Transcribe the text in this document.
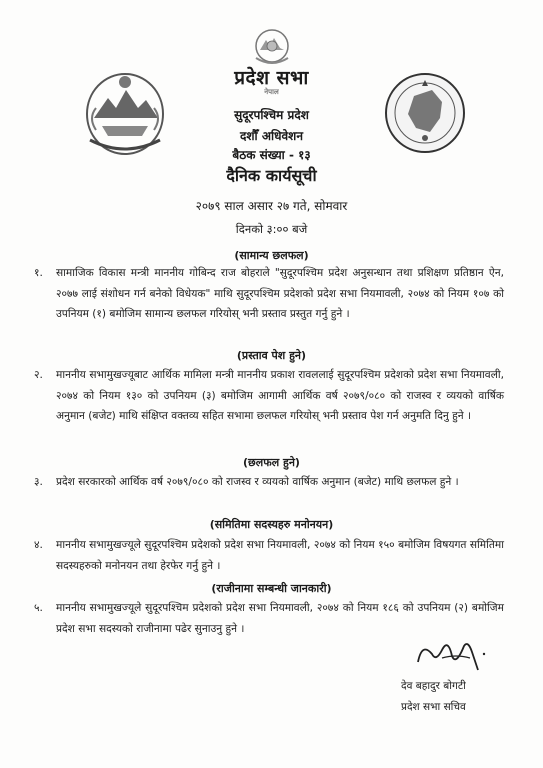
प्रदेश सभा
नेपाल
सुदूरपश्चिम प्रदेश
दशौँ अधिवेशन
बैठक संख्या - १३
दैनिक कार्यसूची
२०७९ साल असार २७ गते, सोमवार
दिनको ३:०० बजे
(सामान्य छलफल)
१. सामाजिक विकास मन्त्री माननीय गोबिन्द राज बोहराले "सुदूरपश्चिम प्रदेश अनुसन्धान तथा प्रशिक्षण प्रतिष्ठान ऐन, २०७७ लाई संशोधन गर्न बनेको विधेयक" माथि सुदूरपश्चिम प्रदेशको प्रदेश सभा नियमावली, २०७४ को नियम १०७ को उपनियम (१) बमोजिम सामान्य छलफल गरियोस् भनी प्रस्ताव प्रस्तुत गर्नु हुने ।
(प्रस्ताव पेश हुने)
२. माननीय सभामुखज्यूबाट आर्थिक मामिला मन्त्री माननीय प्रकाश रावललाई सुदूरपश्चिम प्रदेशको प्रदेश सभा नियमावली, २०७४ को नियम १३० को उपनियम (३) बमोजिम आगामी आर्थिक वर्ष २०७९/०८० को राजस्व र व्ययको वार्षिक अनुमान (बजेट) माथि संक्षिप्त वक्तव्य सहित सभामा छलफल गरियोस् भनी प्रस्ताव पेश गर्न अनुमति दिनु हुने ।
(छलफल हुने)
३. प्रदेश सरकारको आर्थिक वर्ष २०७९/०८० को राजस्व र व्ययको वार्षिक अनुमान (बजेट) माथि छलफल हुने ।
(समितिमा सदस्यहरु मनोनयन)
४. माननीय सभामुखज्यूले सुदूरपश्चिम प्रदेशको प्रदेश सभा नियमावली, २०७४ को नियम १५० बमोजिम विषयगत समितिमा सदस्यहरुको मनोनयन तथा हेरफेर गर्नु हुने ।
(राजीनामा सम्बन्धी जानकारी)
५. माननीय सभामुखज्यूले सुदूरपश्चिम प्रदेशको प्रदेश सभा नियमावली, २०७४ को नियम १८६ को उपनियम (२) बमोजिम प्रदेश सभा सदस्यको राजीनामा पढेर सुनाउनु हुने ।
देव बहादुर बोगटी
प्रदेश सभा सचिव
